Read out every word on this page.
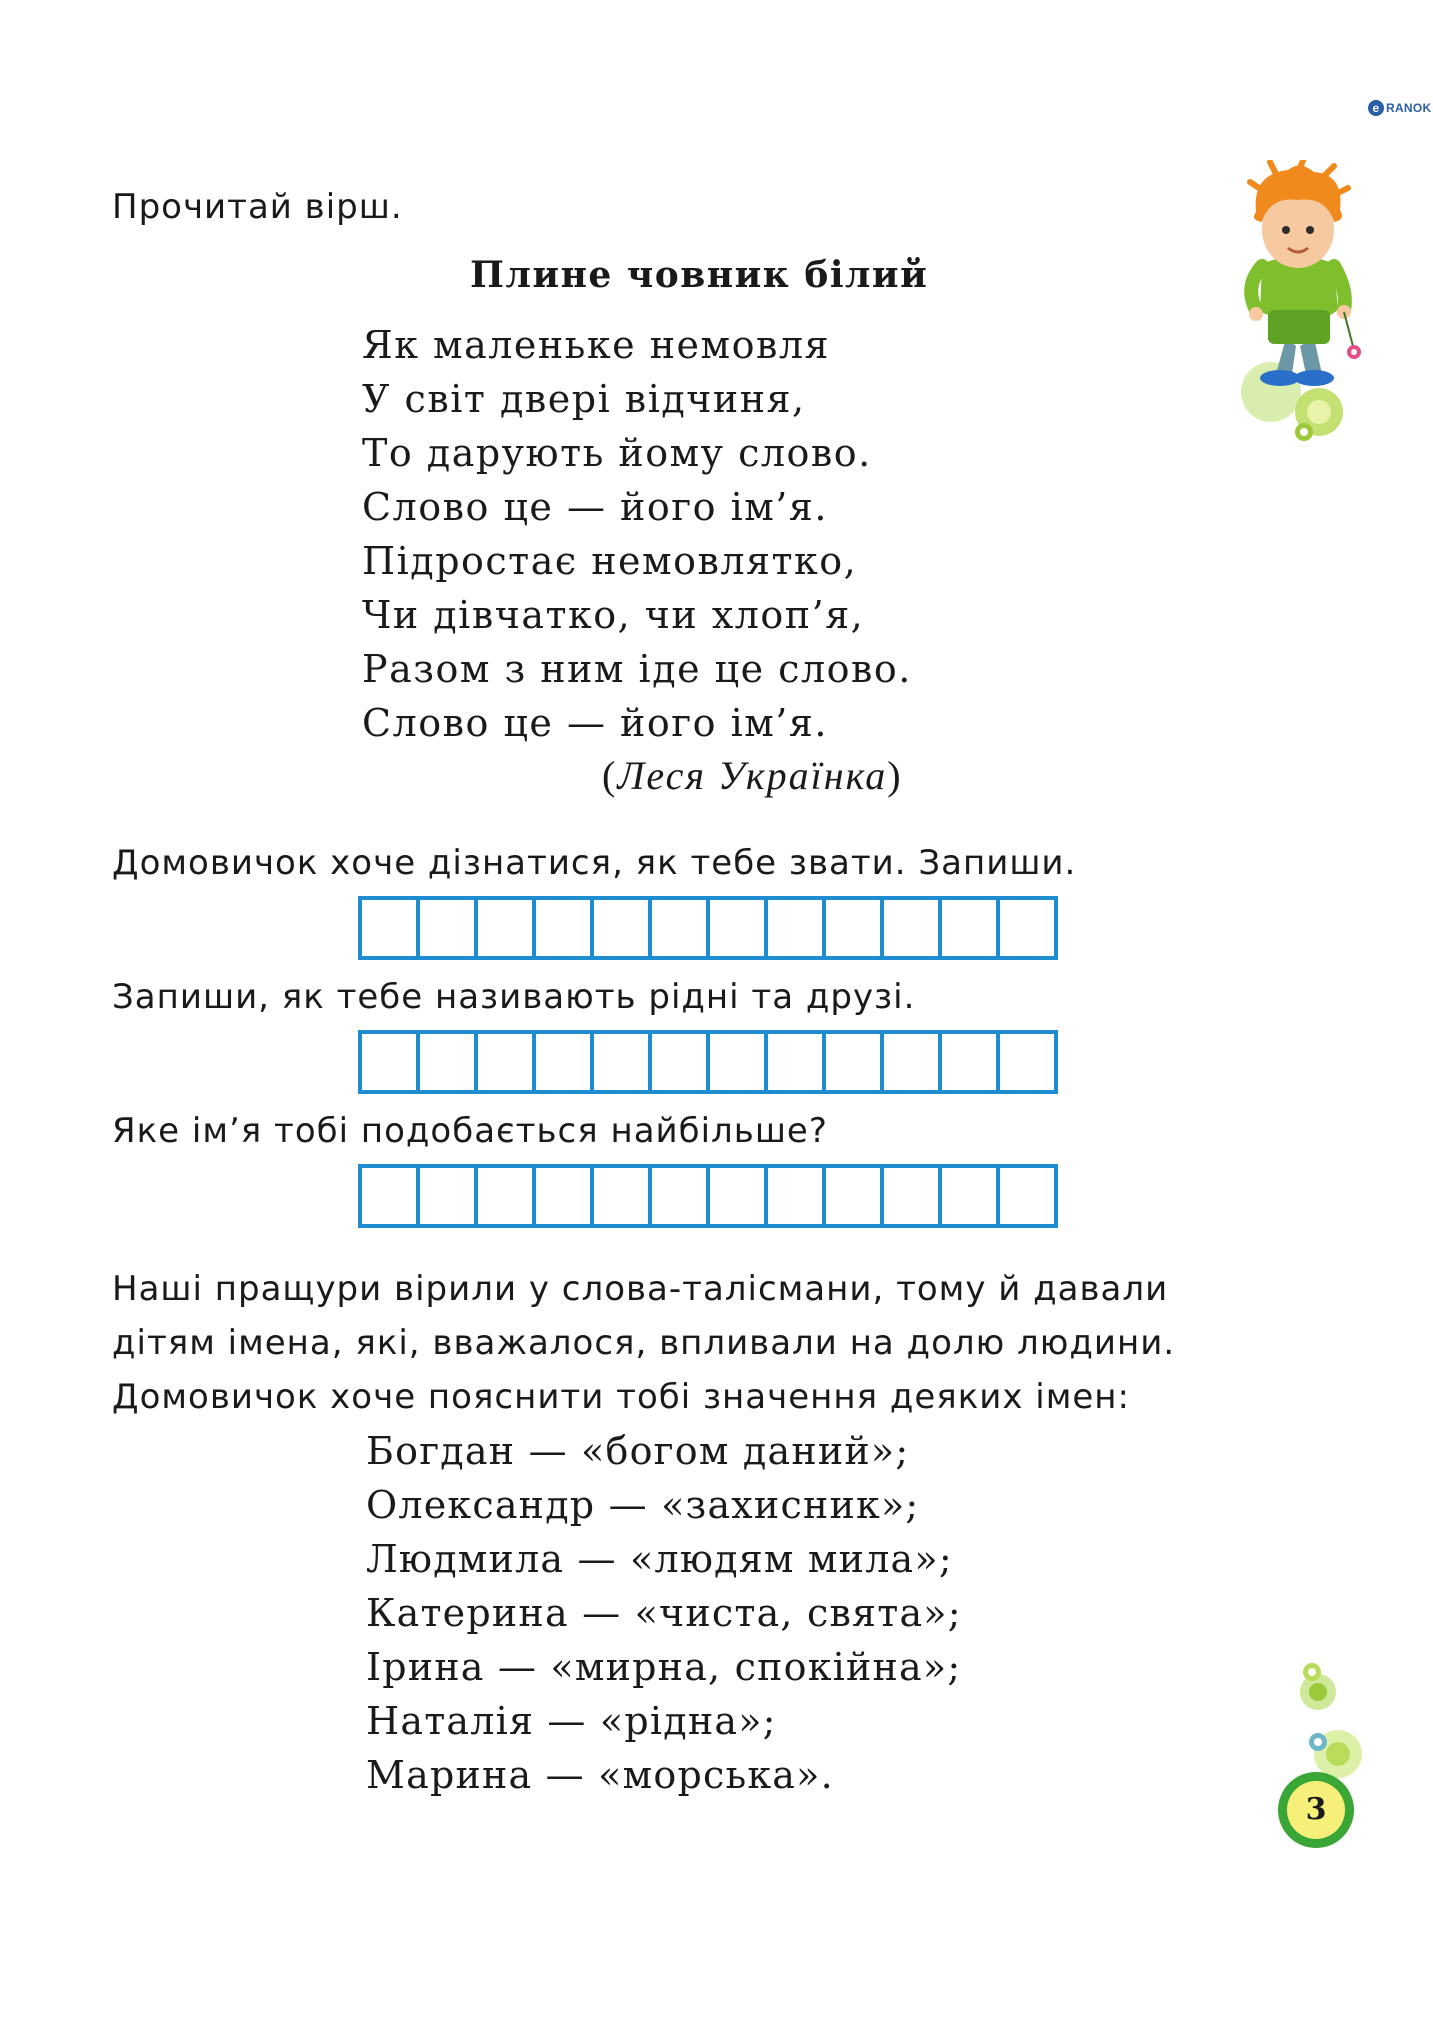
e RANOK
Прочитай вірш.
Плине човник білий
Як маленьке немовля
У світ двері відчиня,
То дарують йому слово.
Слово це — його ім’я.
Підростає немовлятко,
Чи дівчатко, чи хлоп’я,
Разом з ним іде це слово.
Слово це — його ім’я.
(Леся Українка)
Домовичок хоче дізнатися, як тебе звати. Запиши.
Запиши, як тебе називають рідні та друзі.
Яке ім’я тобі подобається найбільше?
Наші пращури вірили у слова-талісмани, тому й давали
дітям імена, які, вважалося, впливали на долю людини.
Домовичок хоче пояснити тобі значення деяких імен:
Богдан — «богом даний»;
Олександр — «захисник»;
Людмила — «людям мила»;
Катерина — «чиста, свята»;
Ірина — «мирна, спокійна»;
Наталія — «рідна»;
Марина — «морська».
3
